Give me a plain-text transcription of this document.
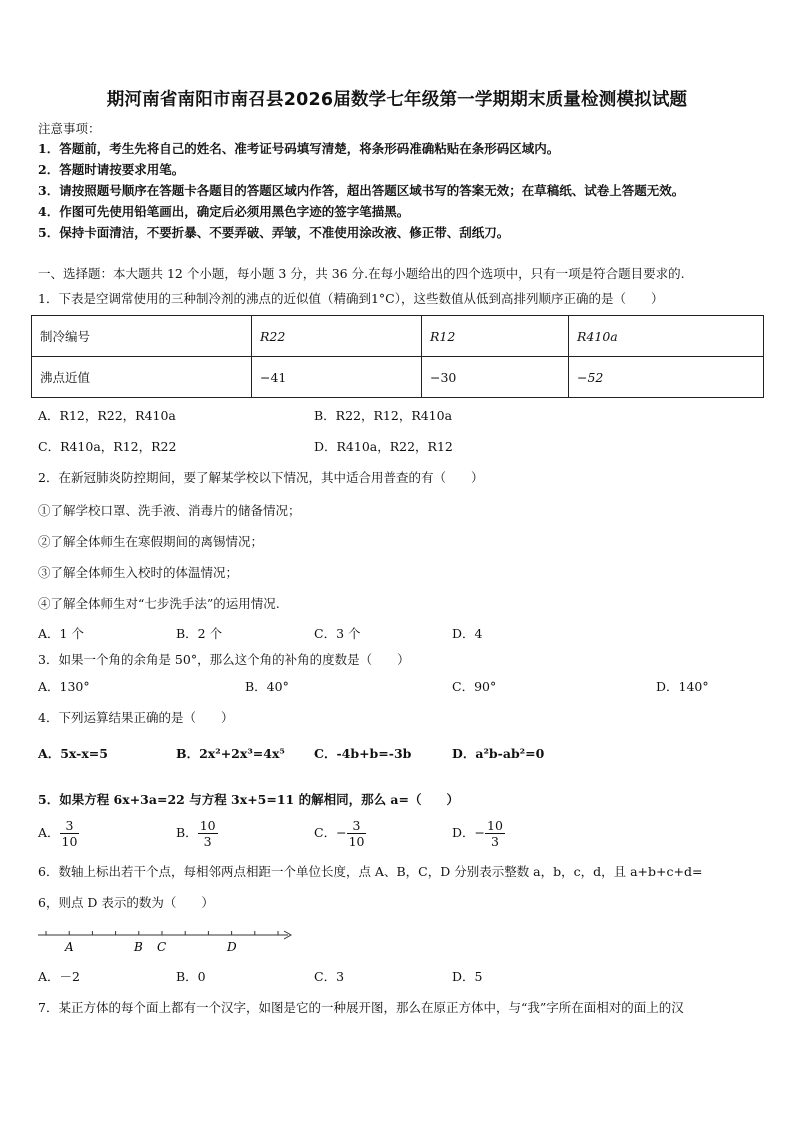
期河南省南阳市南召县2026届数学七年级第一学期期末质量检测模拟试题
注意事项：
1．答题前，考生先将自己的姓名、准考证号码填写清楚，将条形码准确粘贴在条形码区域内。
2．答题时请按要求用笔。
3．请按照题号顺序在答题卡各题目的答题区域内作答，超出答题区域书写的答案无效；在草稿纸、试卷上答题无效。
4．作图可先使用铅笔画出，确定后必须用黑色字迹的签字笔描黑。
5．保持卡面清洁，不要折暴、不要弄破、弄皱，不准使用涂改液、修正带、刮纸刀。
一、选择题：本大题共 12 个小题，每小题 3 分，共 36 分.在每小题给出的四个选项中，只有一项是符合题目要求的.
1．下表是空调常使用的三种制冷剂的沸点的近似值（精确到1°C），这些数值从低到高排列顺序正确的是（　　）
制冷编号	R22	R12	R410a
沸点近值	−41	−30	−52
A．R12，R22，R410a	B．R22，R12，R410a
C．R410a，R12，R22	D．R410a，R22，R12
2．在新冠肺炎防控期间，要了解某学校以下情况，其中适合用普查的有（　　）
①了解学校口罩、洗手液、消毒片的储备情况；
②了解全体师生在寒假期间的离锡情况；
③了解全体师生入校时的体温情况；
④了解全体师生对“七步洗手法”的运用情况.
A．1 个	B．2 个	C．3 个	D．4
3．如果一个角的余角是 50°，那么这个角的补角的度数是（　　）
A．130°	B．40°	C．90°	D．140°
4．下列运算结果正确的是（　　）
A．5x-x=5	B．2x²+2x³=4x⁵ C．-4b+b=-3b	D．a²b-ab²=0
5．如果方程 6x+3a=22 与方程 3x+5=11 的解相同，那么 a=（　　）
A． $\frac{3}{10}$	B． $\frac{10}{3}$	C．− $\frac{3}{10}$	D．− $\frac{10}{3}$
6．数轴上标出若干个点，每相邻两点相距一个单位长度，点 A、B，C，D 分别表示整数 a，b，c，d，且 a+b+c+d=
6，则点 D 表示的数为（　　）
A	B C	D
A．－2	B．0	C．3	D．5
7．某正方体的每个面上都有一个汉字，如图是它的一种展开图，那么在原正方体中，与“我”字所在面相对的面上的汉
